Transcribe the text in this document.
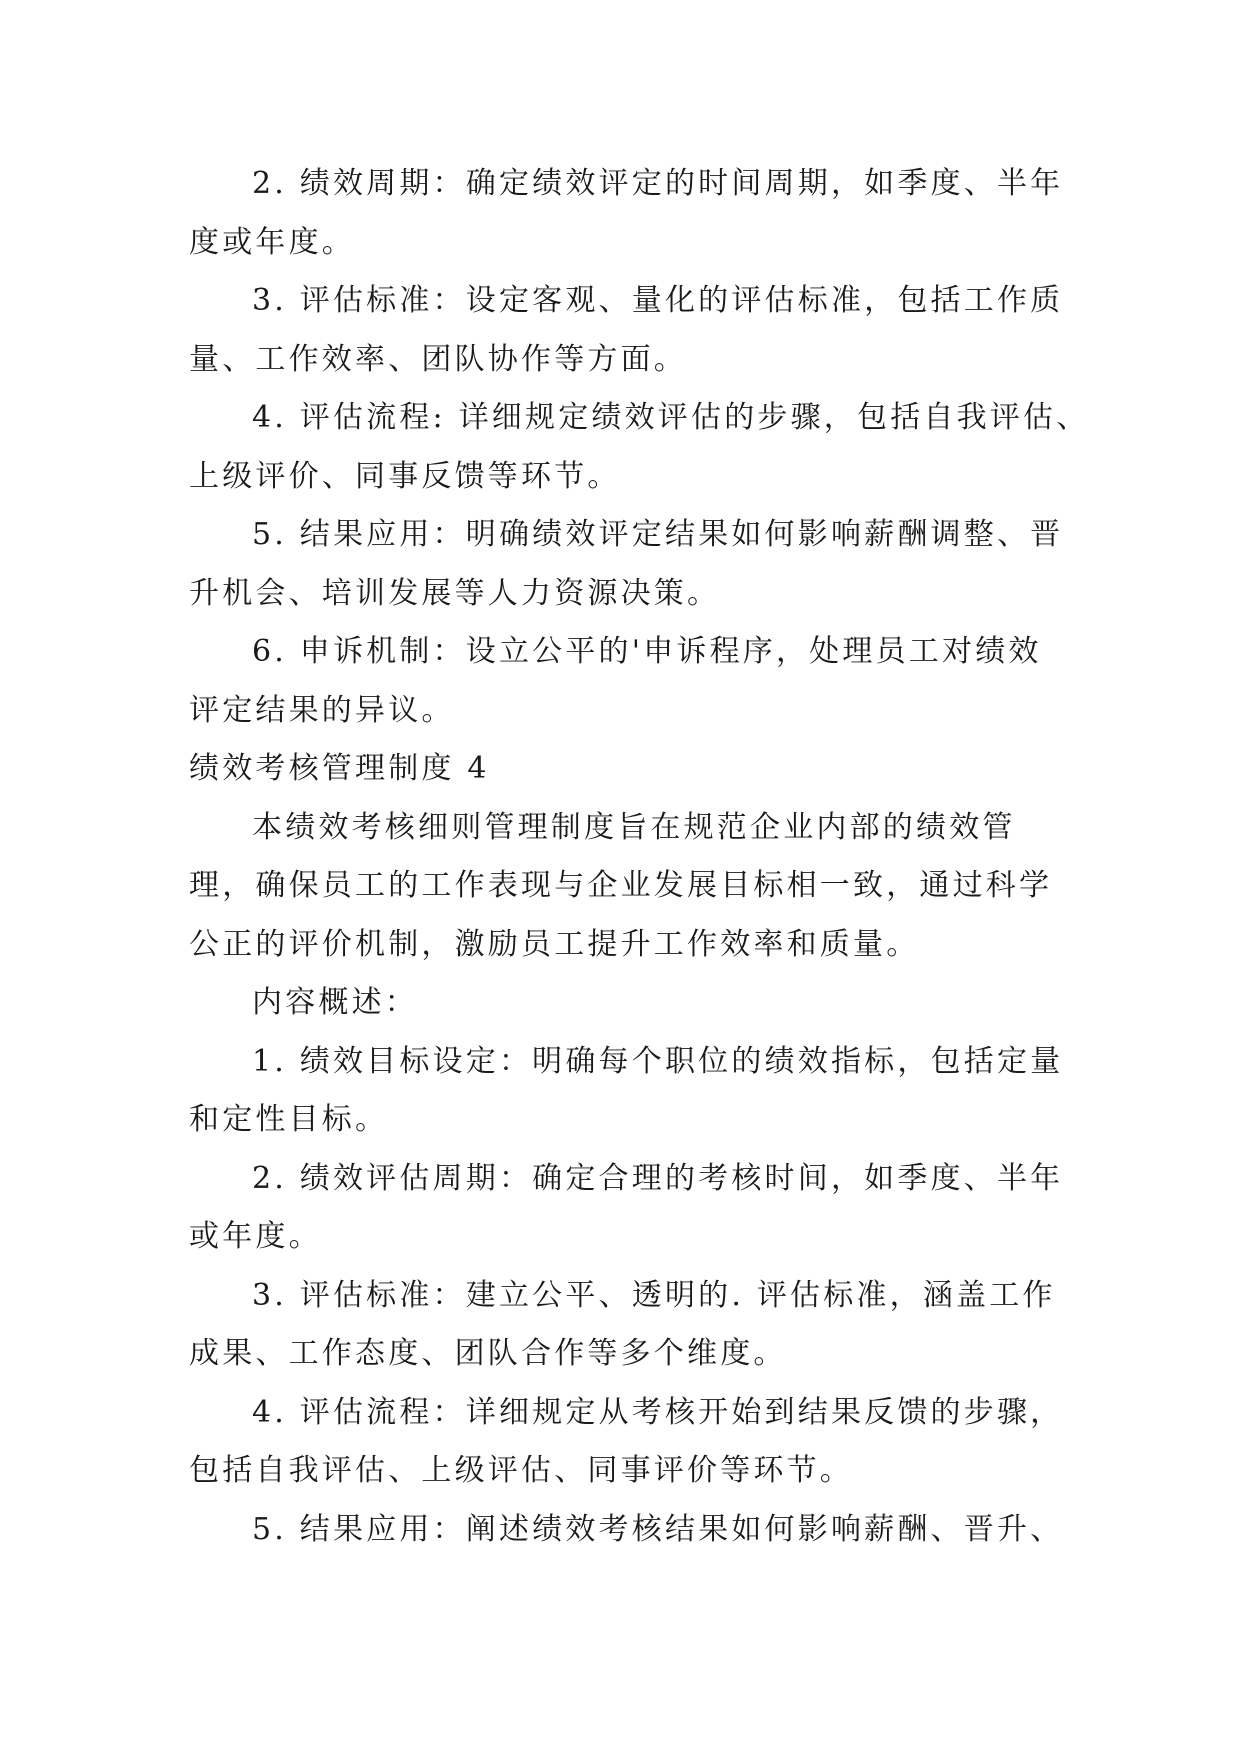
2. 绩效周期：确定绩效评定的时间周期，如季度、半年

度或年度。

3. 评估标准：设定客观、量化的评估标准，包括工作质

量、工作效率、团队协作等方面。

4. 评估流程: 详细规定绩效评估的步骤，包括自我评估、

上级评价、同事反馈等环节。

5. 结果应用：明确绩效评定结果如何影响薪酬调整、晋

升机会、培训发展等人力资源决策。

6. 申诉机制：设立公平的'申诉程序，处理员工对绩效

评定结果的异议。

绩效考核管理制度 4

本绩效考核细则管理制度旨在规范企业内部的绩效管

理，确保员工的工作表现与企业发展目标相一致，通过科学

公正的评价机制，激励员工提升工作效率和质量。

内容概述：

1. 绩效目标设定：明确每个职位的绩效指标，包括定量

和定性目标。

2. 绩效评估周期：确定合理的考核时间，如季度、半年

或年度。

3. 评估标准：建立公平、透明的. 评估标准，涵盖工作

成果、工作态度、团队合作等多个维度。

4. 评估流程：详细规定从考核开始到结果反馈的步骤，

包括自我评估、上级评估、同事评价等环节。

5. 结果应用：阐述绩效考核结果如何影响薪酬、晋升、
